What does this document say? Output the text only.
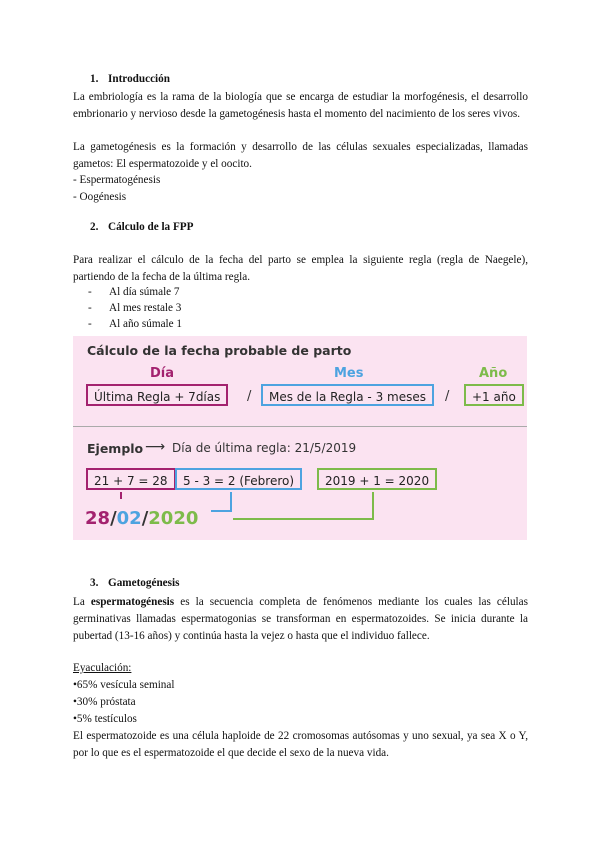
1. Introducción

La embriología es la rama de la biología que se encarga de estudiar la morfogénesis, el desarrollo embrionario y nervioso desde la gametogénesis hasta el momento del nacimiento de los seres vivos.

La gametogénesis es la formación y desarrollo de las células sexuales especializadas, llamadas gametos: El espermatozoide y el oocito.

- Espermatogénesis

- Oogénesis

2. Cálculo de la FPP

Para realizar el cálculo de la fecha del parto se emplea la siguiente regla (regla de Naegele), partiendo de la fecha de la última regla.

- Al día súmale 7
- Al mes restale 3
- Al año súmale 1
Cálculo de la fecha probable de parto
Día	Mes	Año
Última Regla + 7días	/	Mes de la Regla - 3 meses	/	+1 año
Ejemplo ⟶ Día de última regla: 21/5/2019
21 + 7 = 28	5 - 3 = 2 (Febrero)	2019 + 1 = 2020
28/02/2020
3. Gametogénesis

La espermatogénesis es la secuencia completa de fenómenos mediante los cuales las células germinativas llamadas espermatogonias se transforman en espermatozoides. Se inicia durante la pubertad (13-16 años) y continúa hasta la vejez o hasta que el individuo fallece.

Eyaculación:

•65% vesícula seminal

•30% próstata

•5% testículos

El espermatozoide es una célula haploide de 22 cromosomas autósomas y uno sexual, ya sea X o Y, por lo que es el espermatozoide el que decide el sexo de la nueva vida.
